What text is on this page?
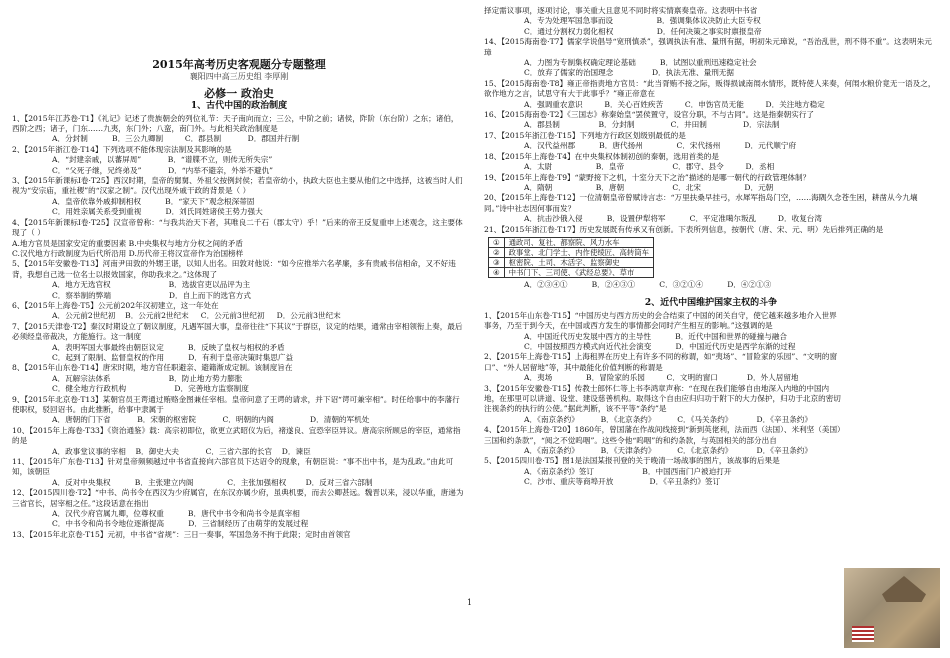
2015年高考历史客观题分专题整理
襄阳四中高三历史组 李厚刚
必修一 政治史
1、古代中国的政治制度

1、【2015年江苏卷·T1】《礼记》记述了贵族朝会的列位礼节：天子南向而立；三公，中阶之前；诸侯，阼阶（东台阶）之东；诸伯，西阶之西；诸子，门东……九夷，东门外；八蛮，南门外。与此相关政治制度是

A．分封制          B．三公九卿制         C．郡县制           D．郡国并行制

2、【2015年浙江卷·T14】下列选项不能体现宗法制及其影响的是

A．“封建亲戚，以蕃屏周”           B．“谱牒不立，则传无所失宗”

C．“父死子继，兄终弟及”           D．“内举不避亲，外举不避仇”

3、【2015年新课标Ⅰ卷·T25】西汉时期，皇帝的舅舅、外祖父按例封侯；若皇帝幼小，执政大臣也主要从他们之中选择，这被当时人们视为“安宗庙，重社稷”的“汉家之制”。汉代出现外戚干政的背景是（ ）

A．皇帝依靠外戚抑制相权          B．“家天下”观念根深蒂固

C．用姓亲属关系受到重视          D．刘氏同姓诸侯王势力强大

4、【2015年新课标Ⅰ卷·T25】汉宣帝曾称：“与我共治天下者，其唯良二千石（郡太守）乎！”后来的帝王反复重申上述观念，这主要体现了（ ）

A.地方官员是国家安定的重要因素 B.中央集权与地方分权之间的矛盾

C.汉代地方行政制度为后代所沿用 D.历代帝王将汉宣帝作为治国榜样

5、【2015年安徽卷·T13】河南尹田敦的外甥王谌，以知人出名。田敦对他说：“如今应推举六名孝廉，多有贵戚书信相命，又不好违背，我想自己选一位名士以报效国家，你助我求之。”这体现了

A．地方无选官权                        B．选拔官吏以品评为主

C．察举制的弊端                        D．自上而下的选官方式

6、【2015年上海卷·T5】公元前202年汉初建立，这一年处在

A．公元前2世纪初    B．公元前2世纪末     C．公元前3世纪初     D．公元前3世纪末

7、【2015天津卷·T2】秦汉时期设立了朝议制度，凡遇军国大事，皇帝往往“下其议”于群臣，议定的结果，通常由宰相领衔上奏，最后必须经皇帝裁决，方能施行。这一制度

A．表明军国大事最终由朝臣议定          B．反映了皇权与相权的矛盾

C．起到了限制、监督皇权的作用          D．有利于皇帝决策时集思广益

8、【2015年山东卷·T14】唐宋时期，地方官任职避亲、避籍渐成定制。该制度旨在

A．瓦解宗法体系                        B．防止地方势力膨胀

C．健全地方行政机构                    D．完善地方监察制度

9、【2015年北京卷·T13】某朝官员王谔通过贿赂金图兼任宰相。皇帝问意了王谔的请求，并下诏“谔可兼宰相”。时任给事中的李藩行使职权，驳回诏书。由此推断，给事中隶属于

A．唐朝的门下省           B．宋朝的枢密院           C．明朝的内阁               D．清朝的军机处

10、【2015年上海卷·T33】《资治通鉴》载：高宗初即位，欲更立武昭仪为后，褚遂良、宜恐宰臣异议。唐高宗所顾忌的宰臣，通常指的是

A．政事堂议事的宰相    B．御史大夫           C．三省六部的长官    D．谏臣

11、【2015年广东卷·T13】针对皇帝频频越过中书省直接向六部官员下达诏令的现象，有朝臣说：“事不出中书，是为乱政。”由此可知，该朝臣

A．反对中央集权          B．主张建立内阁              C．主张加强相权        D．反对三省六部制

12、【2015四川卷·T2】“中书、尚书令在西汉为少府属官，在东汉亦属少府，虽典机要，而去公卿甚远。魏晋以来，浸以华重，唐递为三省官长，居宰相之任。”这段话意在指出

A．汉代少府官属九卿，位尊权重          B．唐代中书令和尚书令是真宰相

C．中书令和尚书令地位逐渐提高          D．三省制经历了由萌芽的发展过程

13、【2015年北京卷·T15】元初，中书省“省规”：三日一奏事，军国急务不拘于此限；定时由首领官

择定需议事项，逐项讨论，事关重大且意见不同时将实情禀奏皇帝。这表明中书省

A．专为处理军国急事而设                  B．强调集体议决防止大臣专权

C．通过分割权力弱化相权                  D．任何决策之事实时禀报皇帝

14、【2015海南卷·T7】儒家学说倡导“宽刑慎杀”，强调执法有准、量刑有据，明初朱元璋说，“吾治乱世，刑不得不重”。这表明朱元璋

A．力图为专制集权确定理论基础          B．试图以重刑迅速稳定社会

C．放弃了儒家的治国理念                D．执法无准、量刑无据

15、【2015海南卷·T8】雍正帝指责地方官员：“此当胥贿不接之际，贩得损诚南闱水情形，既特使人来奏，何闱水粮价竟无一语及之，欲作地方之言，试思守有大于此事乎？”雍正帝意在

A．强调重农意识         B．关心百姓疾苦         C．申饬官员无能         D．关注地方稳定

16、【2015海南卷·T2】《三国志》称秦始皇“罢侯置守，设官分职，不与古同”。这是指秦朝实行了

A．郡县制                B．分封制               C．井田制               D．宗法制

17、【2015年浙江卷·T15】下列地方行政区划级别最低的是

A．汉代益州郡          B．唐代扬州              C．宋代扬州          D．元代顺宁府

18、【2015年上海卷·T4】在中央集权体制初创的秦朝，选用首类的是

A．太尉                  B．皇帝                    C．郡守、县令         D．丞相

19、【2015年上海卷·T9】“蒙野接下之机，十室分天下之治”描述的是哪一朝代的行政管理体制？

A．隋朝                  B．唐朝                    C．北宋                  D．元朝

20、【2015年上海卷·T12】一位清朝皇帝曾赋诗言志：“万里扶桑早挂弓，水犀军指岛门空，……海隅久念苍生困，耕凿从今九壤同。”诗中社志因何事而发？

A．抗击沙俄入侵          B．设置伊犁将军          C．平定准噶尔叛乱         D．收复台湾

21、【2015年浙江卷·T17】历史发展既有传承又有创新。下表所列信息，按朝代（唐、宋、元、明）先后排列正确的是

①	通政司、复社、都察院、风力水车
②	政事堂、北门学士、内作使绫匠、高转筒车
③	枢密院、土司、木活字、监察御史
④	中书门下、三司使、《武经总要》、草市

A．②③④①          B．②④③①          C．③②①④          D．④②①③

2、近代中国维护国家主权的斗争

1、【2015年山东卷·T15】“中国历史与西方历史的会合结束了中国的闭关自守，使它越来越多地介入世界事务，乃至于到今天，在中国或西方发生的事情都会同时产生相互的影响。”这强调的是

A．中国近代历史发展中西方的主导性          B．近代中国和世界的碰撞与融合

C．中国按照西方模式向近代社会演变          D．中国近代历史是西学东渐的过程

2、【2015年上海卷·T15】上海租界在历史上有许多不同的称谓，如“夷场”、“冒险家的乐园”、“文明的窗口”、“外人居留地”等，其中最能化价值判断的称谓是

A．夷场              B．冒险家的乐园         C．文明的窗口            D．外人居留地

3、【2015年安徽卷·T15】传教士郎怀仁等上书李鸿章声称：“在现在我们能够自由地深入内地的中国内地，在那里可以讲道、设堂、建设慈善机构。取得这个自由应归归功于附下的大力保护，归功于北京的密切注视条约的执行的公使。”据此判断，该不平等“条约”是

A．《南京条约》         B．《北京条约》         C．《马关条约》          D．《辛丑条约》

4、【2015年上海卷·T20】1860年，曾国藩在作战间线接到“新到英佬利，法而西（法国）、米利坚（美国）三国和约条款”，“阅之不觉呜咽”。这些令他“呜咽”的和约条款，与英国相关的部分出自

A．《南京条约》         B．《天津条约》         C．《北京条约》          D．《辛丑条约》

5、【2015四川卷·T5】图1是法国某报刊登的关于晚清一场战事的图片，该战事的后果是

A．《南京条约》签订                    B．中国西南门户被迫打开

C．沙市、重庆等商埠开放               D．《辛丑条约》签订

1
